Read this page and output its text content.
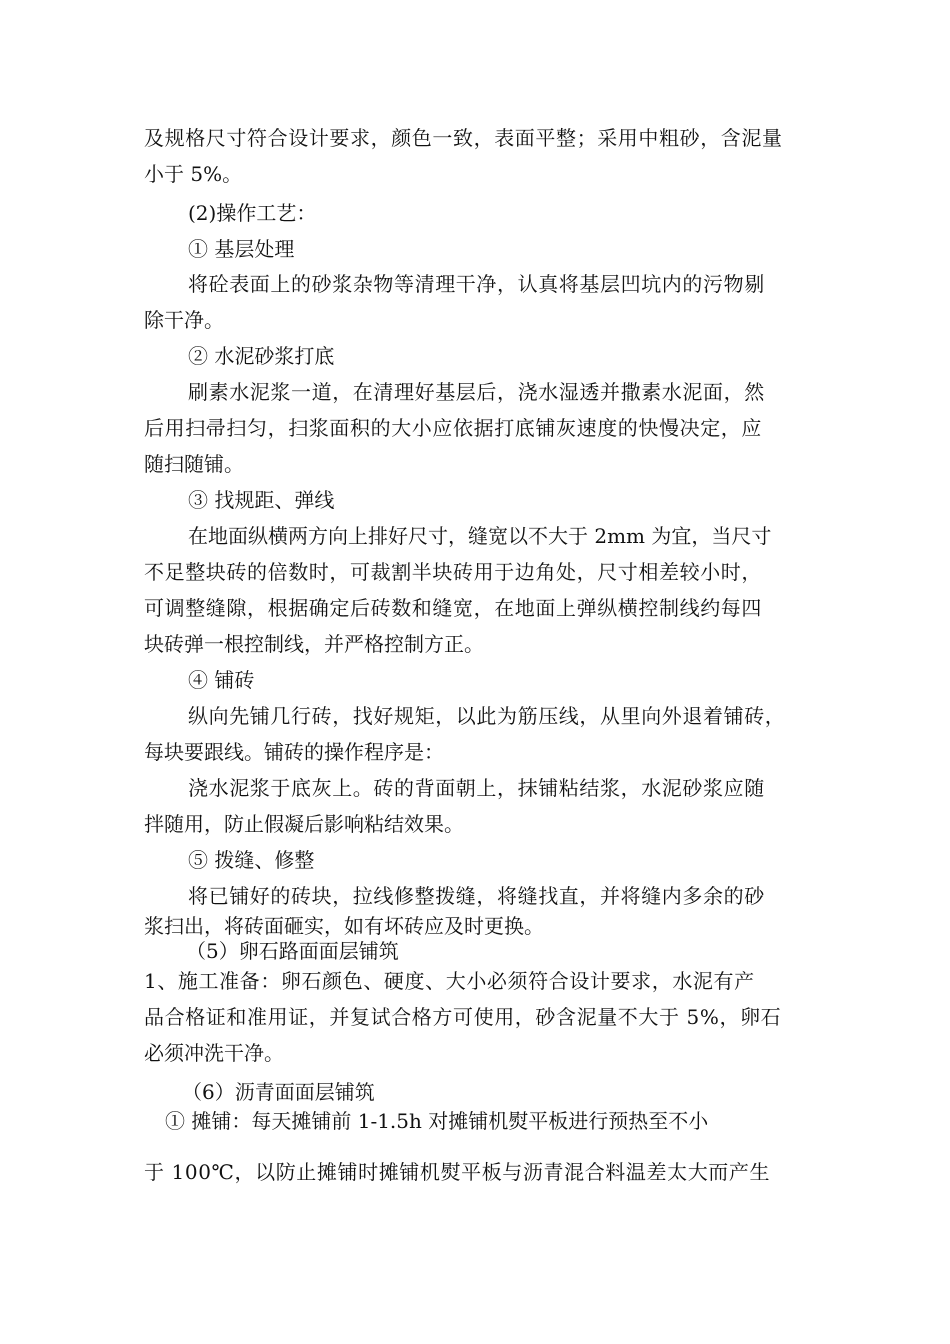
及规格尺寸符合设计要求，颜色一致，表面平整；采用中粗砂，含泥量
小于 5%。
(2)操作工艺：
① 基层处理
将砼表面上的砂浆杂物等清理干净，认真将基层凹坑内的污物剔
除干净。
② 水泥砂浆打底
刷素水泥浆一道，在清理好基层后，浇水湿透并撒素水泥面，然
后用扫帚扫匀，扫浆面积的大小应依据打底铺灰速度的快慢决定，应
随扫随铺。
③ 找规距、弹线
在地面纵横两方向上排好尺寸，缝宽以不大于 2mm 为宜，当尺寸
不足整块砖的倍数时，可裁割半块砖用于边角处，尺寸相差较小时，
可调整缝隙，根据确定后砖数和缝宽，在地面上弹纵横控制线约每四
块砖弹一根控制线，并严格控制方正。
④ 铺砖
纵向先铺几行砖，找好规矩，以此为筋压线，从里向外退着铺砖，
每块要跟线。铺砖的操作程序是：
浇水泥浆于底灰上。砖的背面朝上，抹铺粘结浆，水泥砂浆应随
拌随用，防止假凝后影响粘结效果。
⑤ 拨缝、修整
将已铺好的砖块，拉线修整拨缝，将缝找直，并将缝内多余的砂
浆扫出，将砖面砸实，如有坏砖应及时更换。
（5）卵石路面面层铺筑
1、施工准备：卵石颜色、硬度、大小必须符合设计要求，水泥有产
品合格证和准用证，并复试合格方可使用，砂含泥量不大于 5%，卵石
必须冲洗干净。
（6）沥青面面层铺筑
① 摊铺：每天摊铺前 1-1.5h 对摊铺机熨平板进行预热至不小
于 100℃，以防止摊铺时摊铺机熨平板与沥青混合料温差太大而产生
